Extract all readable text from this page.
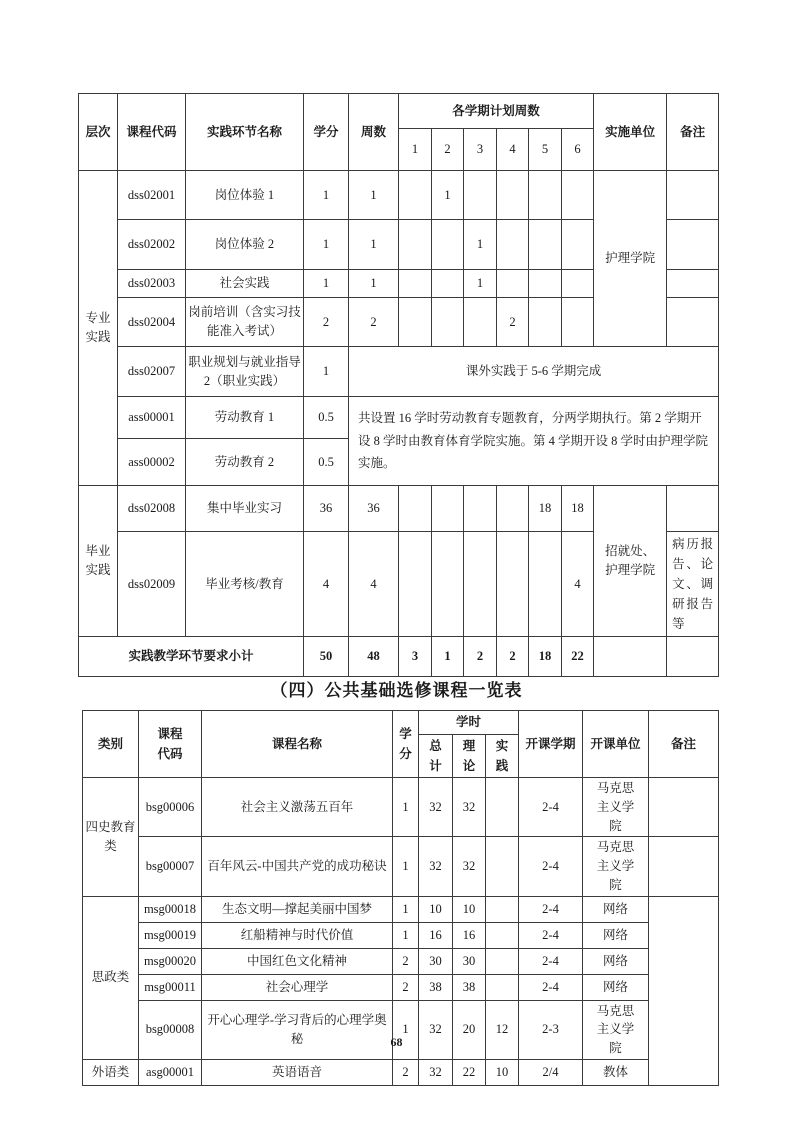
层次	课程代码	实践环节名称	学分	周数	各学期计划周数						实施单位	备注
					1	2	3	4	5	6		
专业实践	dss02001	岗位体验 1	1	1		1					护理学院	
	dss02002	岗位体验 2	1	1			1					
	dss02003	社会实践	1	1			1					
	dss02004	岗前培训（含实习技能准入考试）	2	2				2				
	dss02007	职业规划与就业指导 2（职业实践）	1	课外实践于 5-6 学期完成								
	ass00001	劳动教育 1	0.5	共设置 16 学时劳动教育专题教育，分两学期执行。第 2 学期开设 8 学时由教育体育学院实施。第 4 学期开设 8 学时由护理学院实施。								
	ass00002	劳动教育 2	0.5									
毕业实践	dss02008	集中毕业实习	36	36					18	18	招就处、护理学院	
	dss02009	毕业考核/教育	4	4						4		病历报告、论文、调研报告等
实践教学环节要求小计			50	48	3	1	2	2	18	22		
（四）公共基础选修课程一览表
类别	课程代码	课程名称	学分	学时			开课学期	开课单位	备注
				总计	理论	实践			
四史教育类	bsg00006	社会主义激荡五百年	1	32	32		2-4	马克思主义学院	
	bsg00007	百年风云-中国共产党的成功秘诀	1	32	32		2-4	马克思主义学院	
思政类	msg00018	生态文明—撑起美丽中国梦	1	10	10		2-4	网络	
	msg00019	红船精神与时代价值	1	16	16		2-4	网络	
	msg00020	中国红色文化精神	2	30	30		2-4	网络	
	msg00011	社会心理学	2	38	38		2-4	网络	
	bsg00008	开心心理学-学习背后的心理学奥秘	1	32	20	12	2-3	马克思主义学院	
外语类	asg00001	英语语音	2	32	22	10	2/4	教体	
68
